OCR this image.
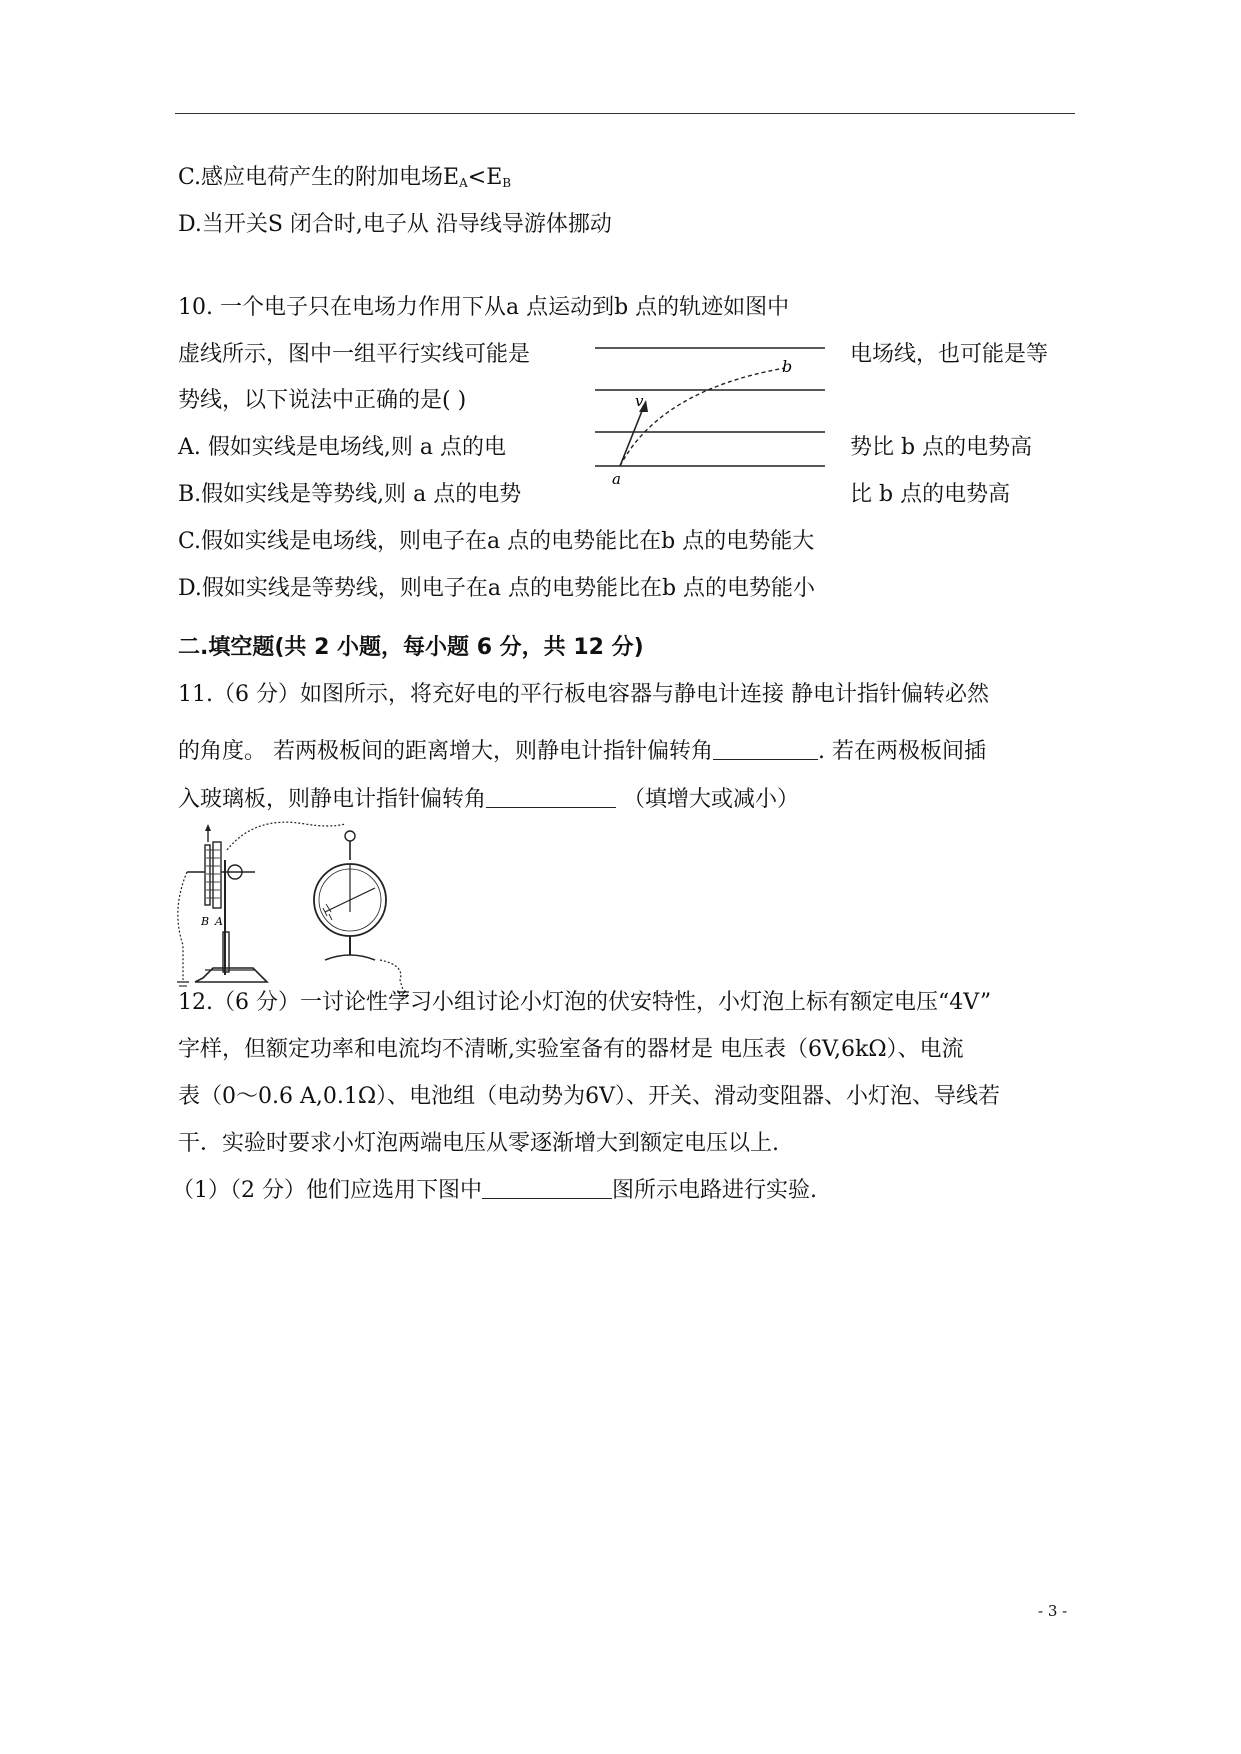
C.感应电荷产生的附加电场$E_A<E_B$
D.当开关S 闭合时,电子从 沿导线导游体挪动
10. 一个电子只在电场力作用下从a 点运动到b 点的轨迹如图中
虚线所示，图中一组平行实线可能是	电场线，也可能是等
势线，以下说法中正确的是( )
A. 假如实线是电场线,则 a 点的电	势比 b 点的电势高
B.假如实线是等势线,则 a 点的电势	比 b 点的电势高
C.假如实线是电场线，则电子在a 点的电势能比在b 点的电势能大
D.假如实线是等势线，则电子在a 点的电势能比在b 点的电势能小
b
v
a
二.填空题(共 2 小题，每小题 6 分，共 12 分)
11.（6 分）如图所示，将充好电的平行板电容器与静电计连接 静电计指针偏转必然
的角度。 若两极板间的距离增大，则静电计指针偏转角	. 若在两极板间插
入玻璃板，则静电计指针偏转角	（填增大或减小）
B A
12.（6 分）一讨论性学习小组讨论小灯泡的伏安特性，小灯泡上标有额定电压“4V”
字样，但额定功率和电流均不清晰,实验室备有的器材是 电压表（6V,6kΩ）、电流
表（0～0.6 A,0.1Ω）、电池组（电动势为6V）、开关、滑动变阻器、小灯泡、导线若
干．实验时要求小灯泡两端电压从零逐渐增大到额定电压以上.
（1）（2 分）他们应选用下图中	图所示电路进行实验.
- 3 -
